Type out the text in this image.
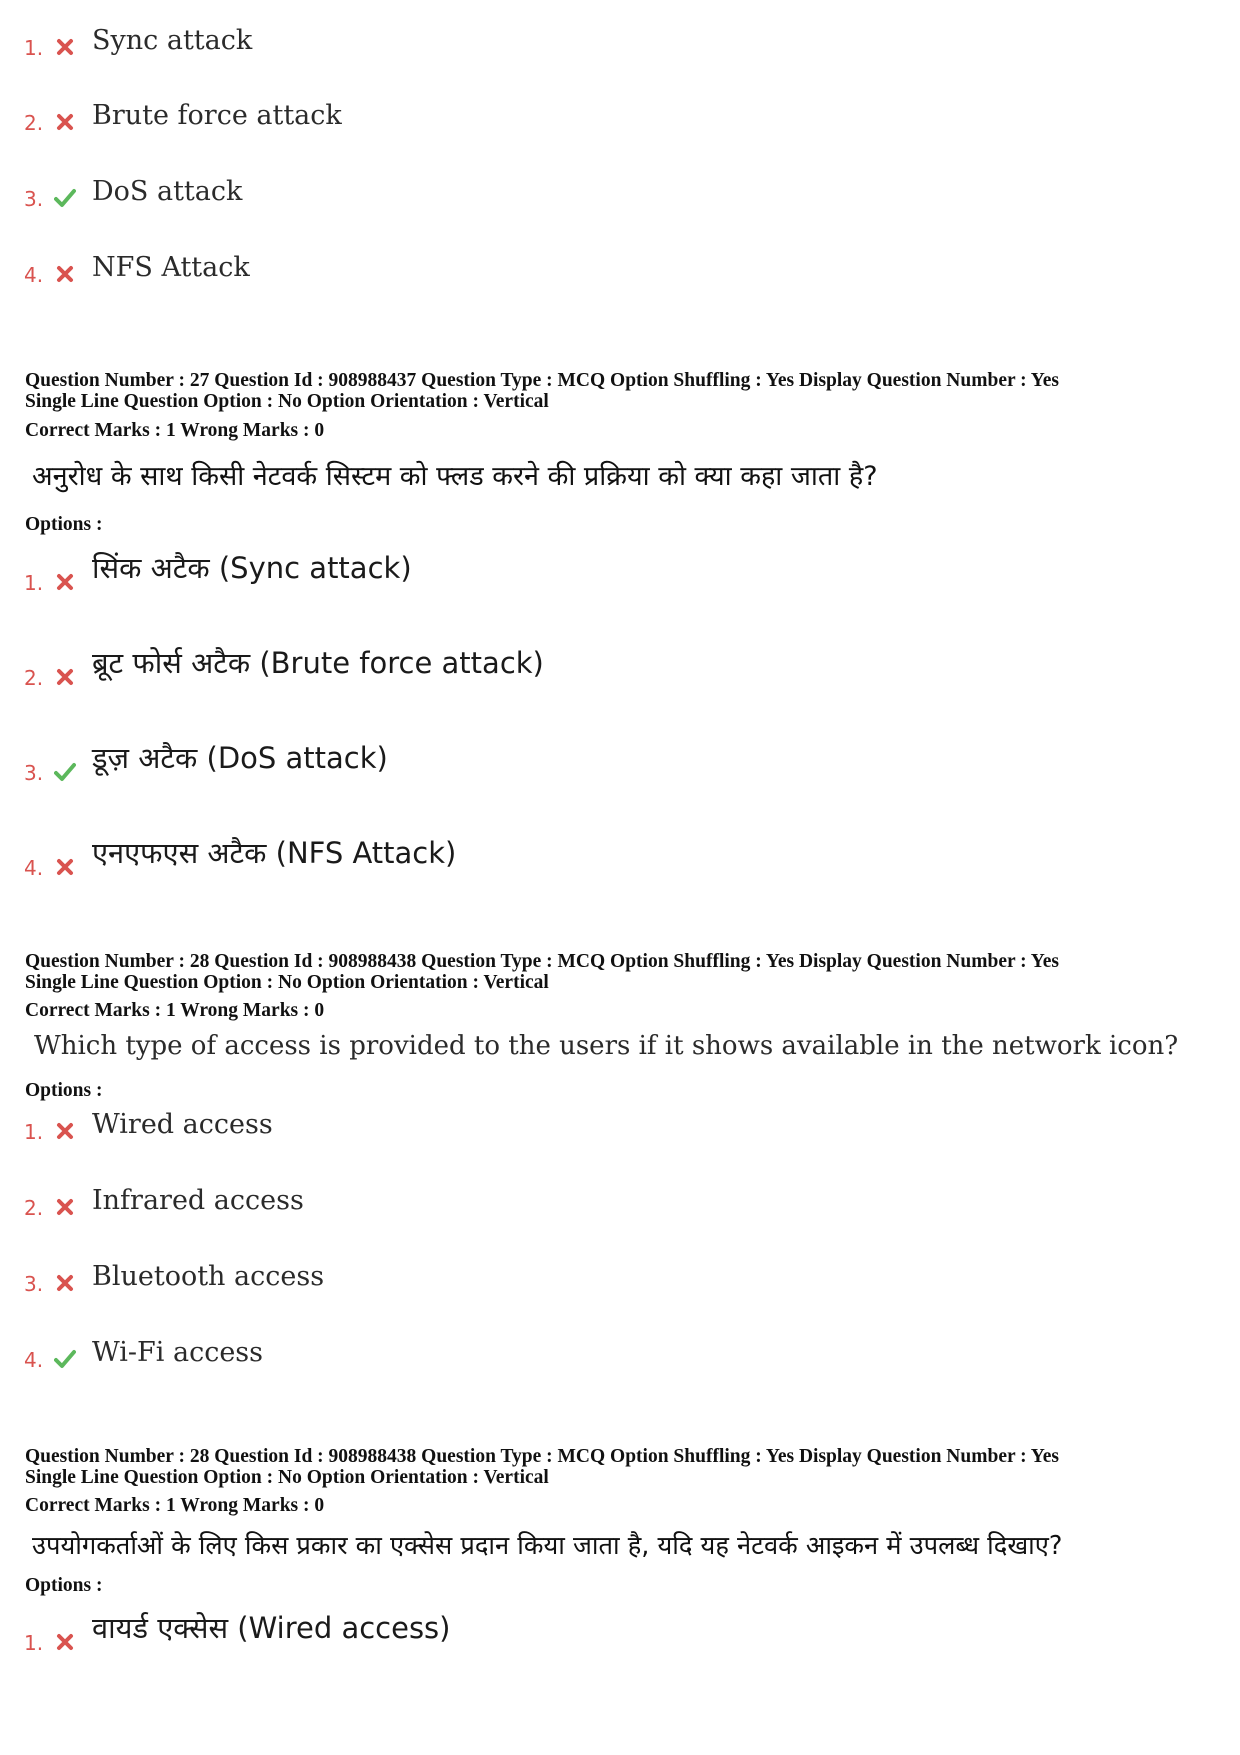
1. Sync attack
2. Brute force attack
3. DoS attack
4. NFS Attack
Question Number : 27 Question Id : 908988437 Question Type : MCQ Option Shuffling : Yes Display Question Number : Yes
Single Line Question Option : No Option Orientation : Vertical
Correct Marks : 1 Wrong Marks : 0
अनुरोध के साथ किसी नेटवर्क सिस्टम को फ्लड करने की प्रक्रिया को क्या कहा जाता है?
Options :
1. सिंक अटैक (Sync attack)
2. ब्रूट फोर्स अटैक (Brute force attack)
3. डूज़ अटैक (DoS attack)
4. एनएफएस अटैक (NFS Attack)
Question Number : 28 Question Id : 908988438 Question Type : MCQ Option Shuffling : Yes Display Question Number : Yes
Single Line Question Option : No Option Orientation : Vertical
Correct Marks : 1 Wrong Marks : 0
Which type of access is provided to the users if it shows available in the network icon?
Options :
1. Wired access
2. Infrared access
3. Bluetooth access
4. Wi-Fi access
Question Number : 28 Question Id : 908988438 Question Type : MCQ Option Shuffling : Yes Display Question Number : Yes
Single Line Question Option : No Option Orientation : Vertical
Correct Marks : 1 Wrong Marks : 0
उपयोगकर्ताओं के लिए किस प्रकार का एक्सेस प्रदान किया जाता है, यदि यह नेटवर्क आइकन में उपलब्ध दिखाए?
Options :
1. वायर्ड एक्सेस (Wired access)
